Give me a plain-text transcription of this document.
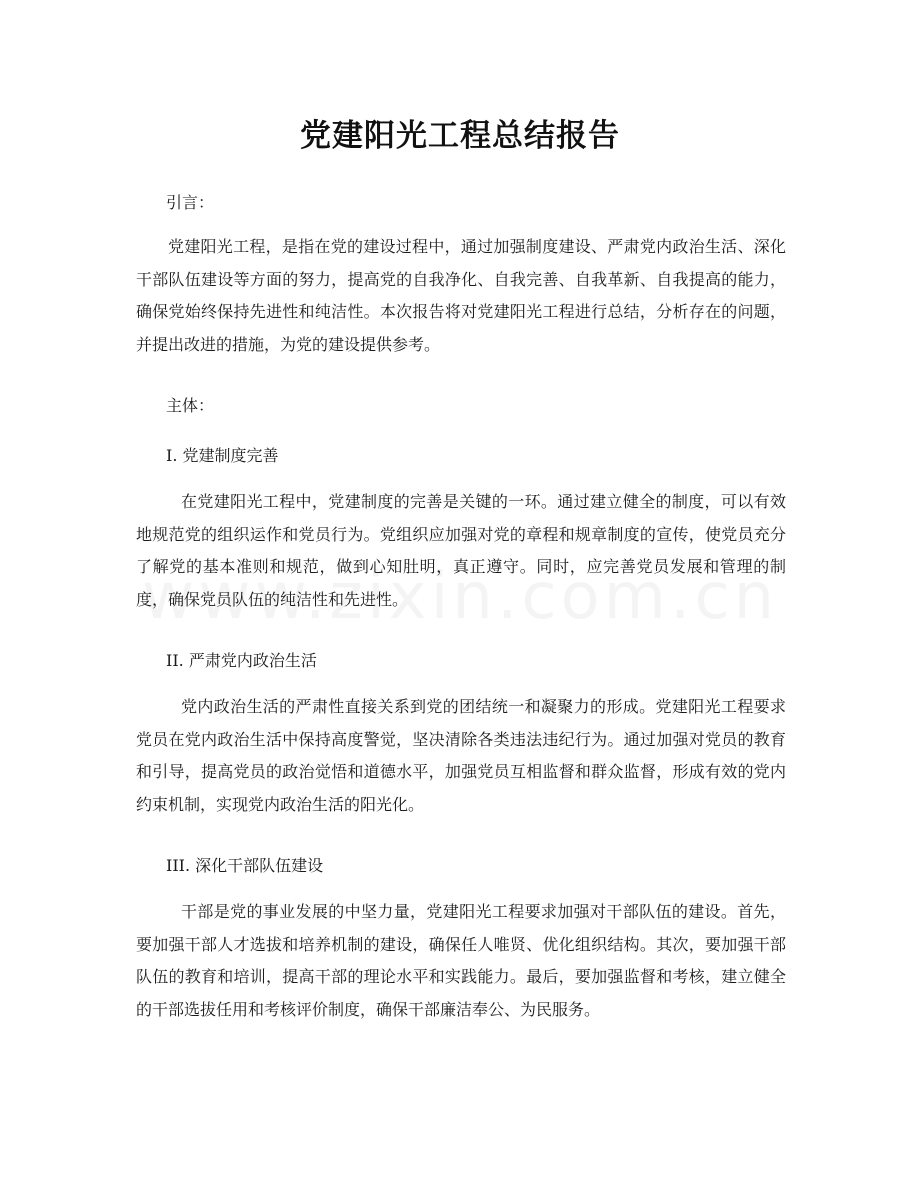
党建阳光工程总结报告

引言：

党建阳光工程，是指在党的建设过程中，通过加强制度建设、严肃党内政治生活、深化干部队伍建设等方面的努力，提高党的自我净化、自我完善、自我革新、自我提高的能力，确保党始终保持先进性和纯洁性。本次报告将对党建阳光工程进行总结，分析存在的问题，并提出改进的措施，为党的建设提供参考。

主体：

I. 党建制度完善

在党建阳光工程中，党建制度的完善是关键的一环。通过建立健全的制度，可以有效地规范党的组织运作和党员行为。党组织应加强对党的章程和规章制度的宣传，使党员充分了解党的基本准则和规范，做到心知肚明，真正遵守。同时，应完善党员发展和管理的制度，确保党员队伍的纯洁性和先进性。

II. 严肃党内政治生活

党内政治生活的严肃性直接关系到党的团结统一和凝聚力的形成。党建阳光工程要求党员在党内政治生活中保持高度警觉，坚决清除各类违法违纪行为。通过加强对党员的教育和引导，提高党员的政治觉悟和道德水平，加强党员互相监督和群众监督，形成有效的党内约束机制，实现党内政治生活的阳光化。

III. 深化干部队伍建设

干部是党的事业发展的中坚力量，党建阳光工程要求加强对干部队伍的建设。首先，要加强干部人才选拔和培养机制的建设，确保任人唯贤、优化组织结构。其次，要加强干部队伍的教育和培训，提高干部的理论水平和实践能力。最后，要加强监督和考核，建立健全的干部选拔任用和考核评价制度，确保干部廉洁奉公、为民服务。
